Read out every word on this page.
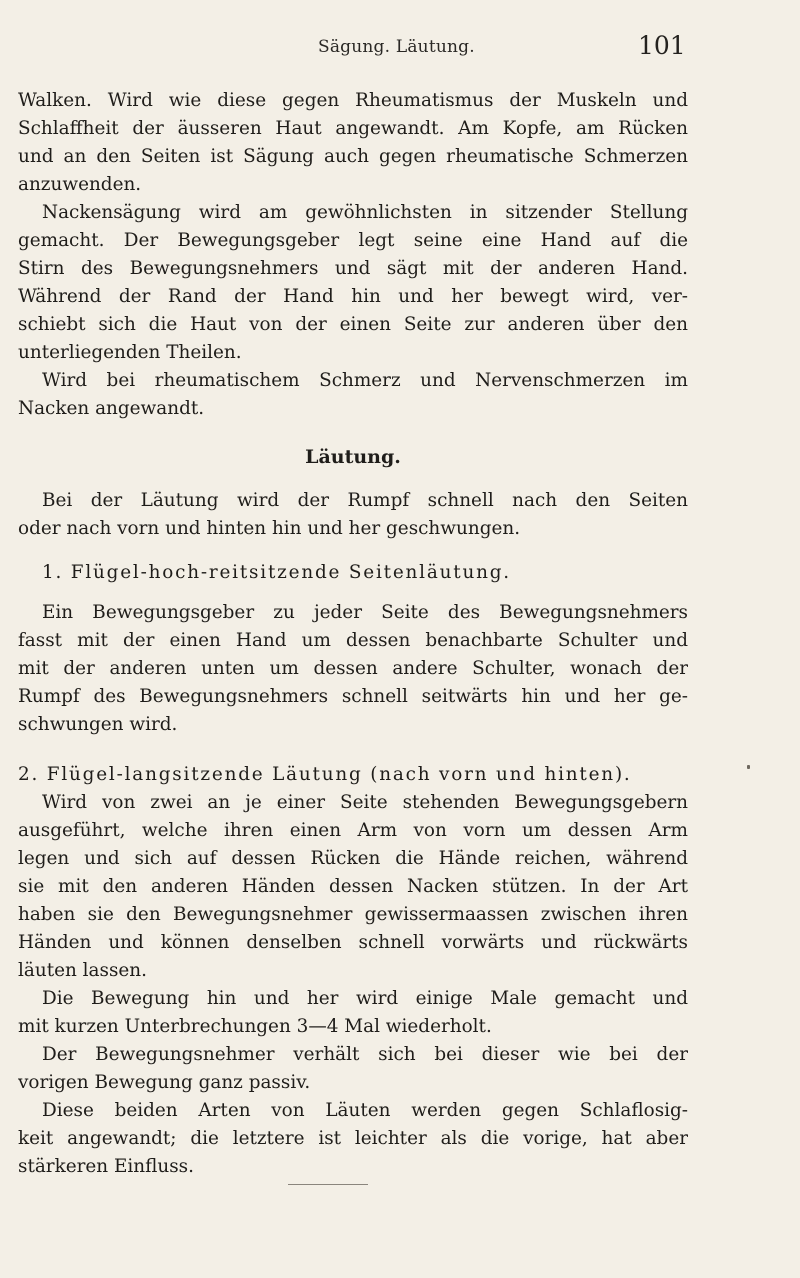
Sägung. Läutung.	101
Walken. Wird wie diese gegen Rheumatismus der Muskeln und
Schlaffheit der äusseren Haut angewandt. Am Kopfe, am Rücken
und an den Seiten ist Sägung auch gegen rheumatische Schmerzen
anzuwenden.
Nackensägung wird am gewöhnlichsten in sitzender Stellung
gemacht. Der Bewegungsgeber legt seine eine Hand auf die
Stirn des Bewegungsnehmers und sägt mit der anderen Hand.
Während der Rand der Hand hin und her bewegt wird, ver-
schiebt sich die Haut von der einen Seite zur anderen über den
unterliegenden Theilen.
Wird bei rheumatischem Schmerz und Nervenschmerzen im
Nacken angewandt.
Läutung.
Bei der Läutung wird der Rumpf schnell nach den Seiten
oder nach vorn und hinten hin und her geschwungen.
1. Flügel-hoch-reitsitzende Seitenläutung.
Ein Bewegungsgeber zu jeder Seite des Bewegungsnehmers
fasst mit der einen Hand um dessen benachbarte Schulter und
mit der anderen unten um dessen andere Schulter, wonach der
Rumpf des Bewegungsnehmers schnell seitwärts hin und her ge-
schwungen wird.
2. Flügel-langsitzende Läutung (nach vorn und hinten).
Wird von zwei an je einer Seite stehenden Bewegungsgebern
ausgeführt, welche ihren einen Arm von vorn um dessen Arm
legen und sich auf dessen Rücken die Hände reichen, während
sie mit den anderen Händen dessen Nacken stützen. In der Art
haben sie den Bewegungsnehmer gewissermaassen zwischen ihren
Händen und können denselben schnell vorwärts und rückwärts
läuten lassen.
Die Bewegung hin und her wird einige Male gemacht und
mit kurzen Unterbrechungen 3—4 Mal wiederholt.
Der Bewegungsnehmer verhält sich bei dieser wie bei der
vorigen Bewegung ganz passiv.
Diese beiden Arten von Läuten werden gegen Schlaflosig-
keit angewandt; die letztere ist leichter als die vorige, hat aber
stärkeren Einfluss.
